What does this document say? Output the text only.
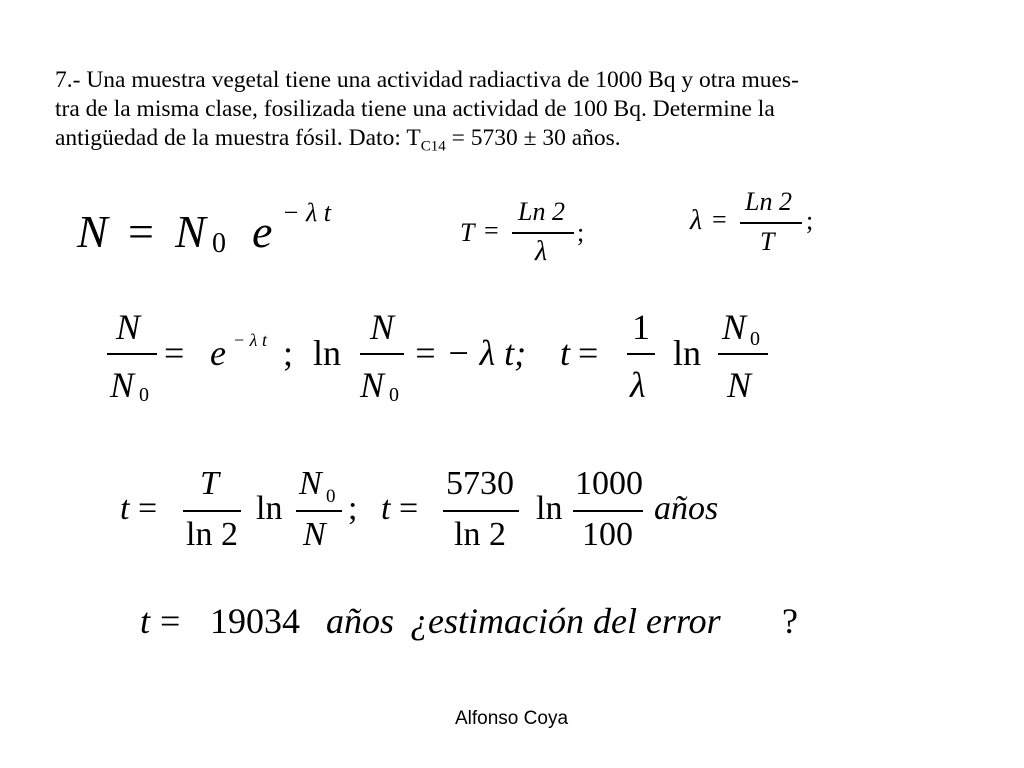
7.- Una muestra vegetal tiene una actividad radiactiva de 1000 Bq y otra mues-

tra de la misma clase, fosilizada tiene una actividad de 100 Bq. Determine la

antigüedad de la muestra fósil. Dato: $T_{C14} = 5730 \pm 30$ años.

N = N 0 e − λ t
T =
Ln 2
λ
;	λ =
Ln 2
T
;
N
N 0
= e − λ t ; ln
N
N 0
= − λ t; t =
1
λ
ln
N 0
N
t =
T
ln 2
ln
N 0
N
; t =
5730
ln 2
ln
1000
100
años
t = 19034 años ¿estimación del error ?
Alfonso Coya
